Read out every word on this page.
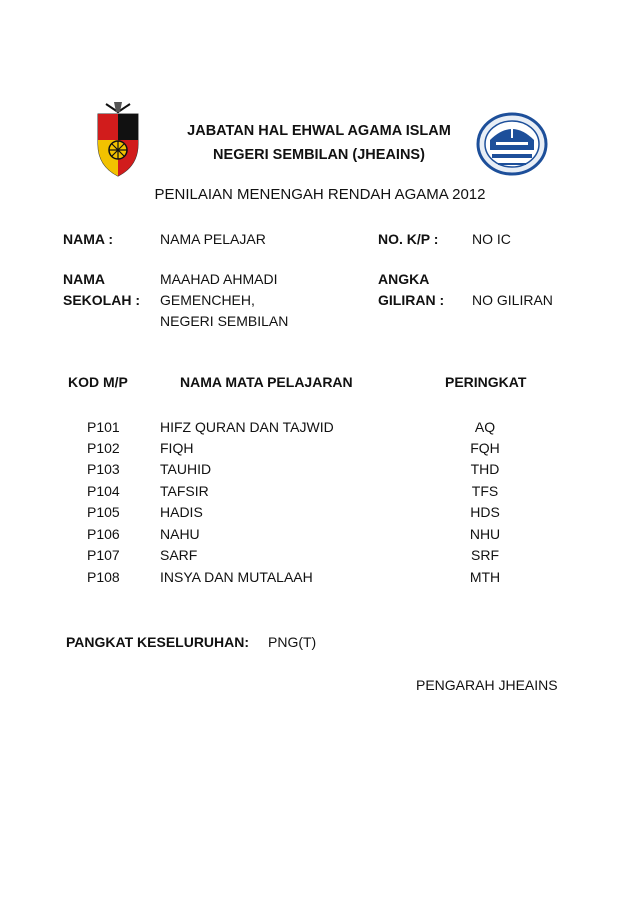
JABATAN HAL EHWAL AGAMA ISLAM
NEGERI SEMBILAN (JHEAINS)
PENILAIAN MENENGAH RENDAH AGAMA 2012
NAMA :	NAMA PELAJAR	NO. K/P : NO IC
NAMA
SEKOLAH :
MAAHAD AHMADI
GEMENCHEH,
NEGERI SEMBILAN
ANGKA
GILIRAN : NO GILIRAN
KOD M/P	NAMA MATA PELAJARAN	PERINGKAT
P101	HIFZ QURAN DAN TAJWID	AQ
P102	FIQH	FQH
P103	TAUHID	THD
P104	TAFSIR	TFS
P105	HADIS	HDS
P106	NAHU	NHU
P107	SARF	SRF
P108	INSYA DAN MUTALAAH	MTH
PANGKAT KESELURUHAN: PNG(T)
PENGARAH JHEAINS
